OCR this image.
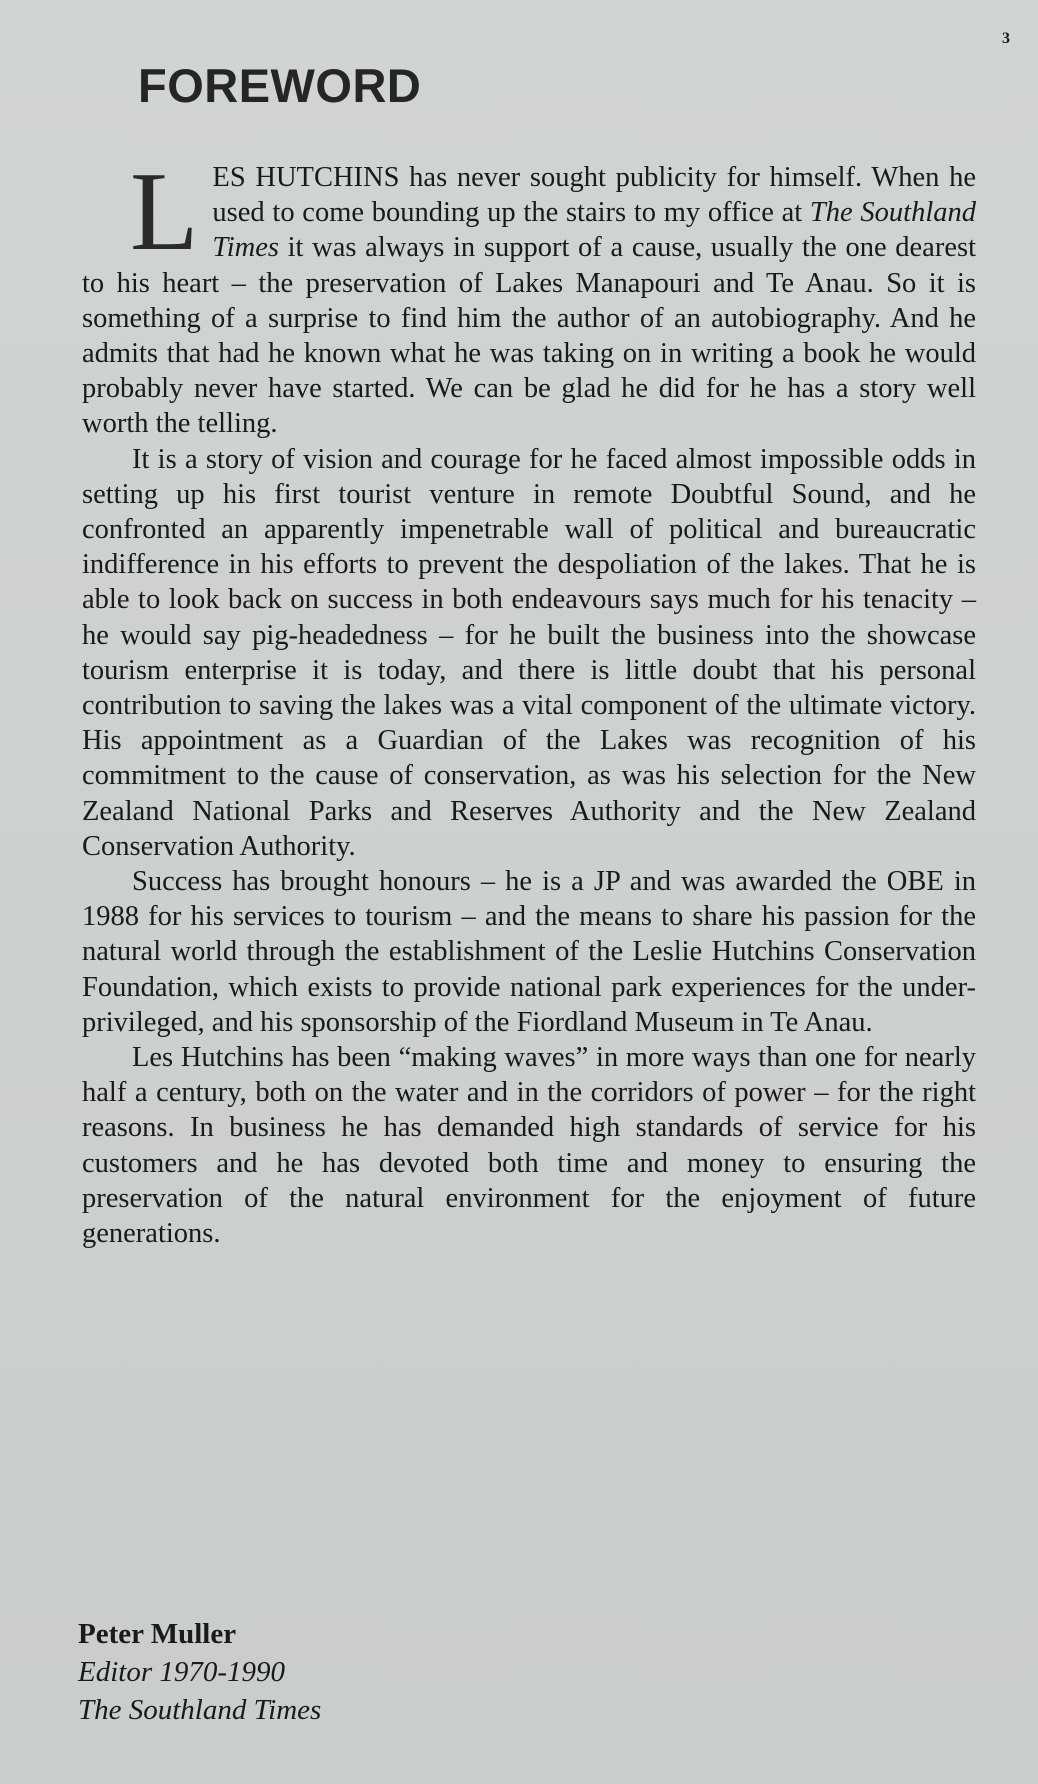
3
FOREWORD

LES HUTCHINS has never sought publicity for himself. When he used to come bounding up the stairs to my office at The Southland Times it was always in support of a cause, usually the one dearest to his heart – the preservation of Lakes Manapouri and Te Anau. So it is something of a surprise to find him the author of an autobiography. And he admits that had he known what he was taking on in writing a book he would probably never have started. We can be glad he did for he has a story well worth the telling.

It is a story of vision and courage for he faced almost impossible odds in setting up his first tourist venture in remote Doubtful Sound, and he confronted an apparently impenetrable wall of political and bureaucratic indifference in his efforts to prevent the despoliation of the lakes. That he is able to look back on success in both endeavours says much for his tenacity – he would say pig-headedness – for he built the business into the showcase tourism enterprise it is today, and there is little doubt that his personal contribution to saving the lakes was a vital component of the ultimate victory. His appointment as a Guardian of the Lakes was recognition of his commitment to the cause of conservation, as was his selection for the New Zealand National Parks and Reserves Authority and the New Zealand Conservation Authority.

Success has brought honours – he is a JP and was awarded the OBE in 1988 for his services to tourism – and the means to share his passion for the natural world through the establishment of the Leslie Hutchins Conservation Foundation, which exists to provide national park experiences for the under-privileged, and his sponsorship of the Fiordland Museum in Te Anau.

Les Hutchins has been “making waves” in more ways than one for nearly half a century, both on the water and in the corridors of power – for the right reasons. In business he has demanded high standards of service for his customers and he has devoted both time and money to ensuring the preservation of the natural environment for the enjoyment of future generations.

Peter Muller
Editor 1970-1990
The Southland Times
